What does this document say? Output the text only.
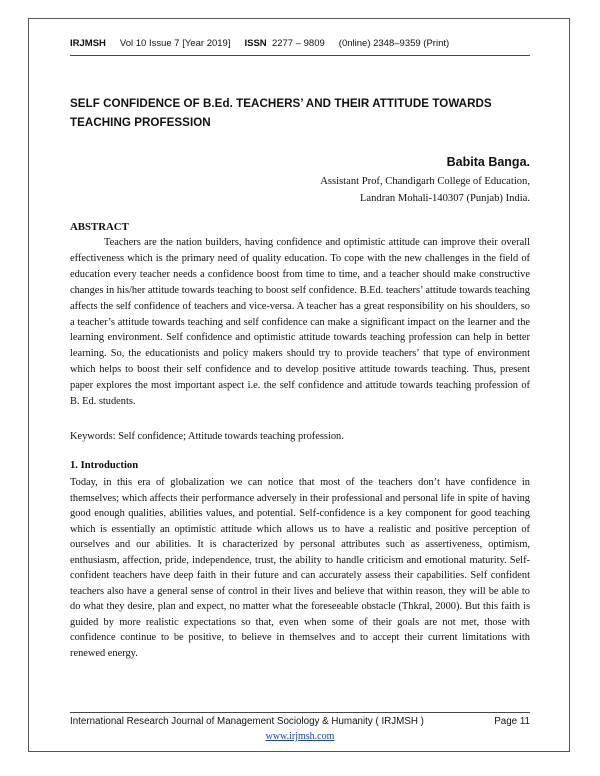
IRJMSH Vol 10 Issue 7 [Year 2019] ISSN 2277 – 9809 (0nline) 2348–9359 (Print)
SELF CONFIDENCE OF B.Ed. TEACHERS’ AND THEIR ATTITUDE TOWARDS TEACHING PROFESSION
Babita Banga.
Assistant Prof, Chandigarh College of Education,
Landran Mohali-140307 (Punjab) India.
ABSTRACT
Teachers are the nation builders, having confidence and optimistic attitude can improve their overall effectiveness which is the primary need of quality education. To cope with the new challenges in the field of education every teacher needs a confidence boost from time to time, and a teacher should make constructive changes in his/her attitude towards teaching to boost self confidence. B.Ed. teachers’ attitude towards teaching affects the self confidence of teachers and vice-versa. A teacher has a great responsibility on his shoulders, so a teacher’s attitude towards teaching and self confidence can make a significant impact on the learner and the learning environment. Self confidence and optimistic attitude towards teaching profession can help in better learning. So, the educationists and policy makers should try to provide teachers’ that type of environment which helps to boost their self confidence and to develop positive attitude towards teaching. Thus, present paper explores the most important aspect i.e. the self confidence and attitude towards teaching profession of B. Ed. students.
Keywords: Self confidence; Attitude towards teaching profession.
1. Introduction
Today, in this era of globalization we can notice that most of the teachers don’t have confidence in themselves; which affects their performance adversely in their professional and personal life in spite of having good enough qualities, abilities values, and potential. Self-confidence is a key component for good teaching which is essentially an optimistic attitude which allows us to have a realistic and positive perception of ourselves and our abilities. It is characterized by personal attributes such as assertiveness, optimism, enthusiasm, affection, pride, independence, trust, the ability to handle criticism and emotional maturity. Self-confident teachers have deep faith in their future and can accurately assess their capabilities. Self confident teachers also have a general sense of control in their lives and believe that within reason, they will be able to do what they desire, plan and expect, no matter what the foreseeable obstacle (Thkral, 2000). But this faith is guided by more realistic expectations so that, even when some of their goals are not met, those with confidence continue to be positive, to believe in themselves and to accept their current limitations with renewed energy.
International Research Journal of Management Sociology & Humanity ( IRJMSH )	Page 11
www.irjmsh.com
